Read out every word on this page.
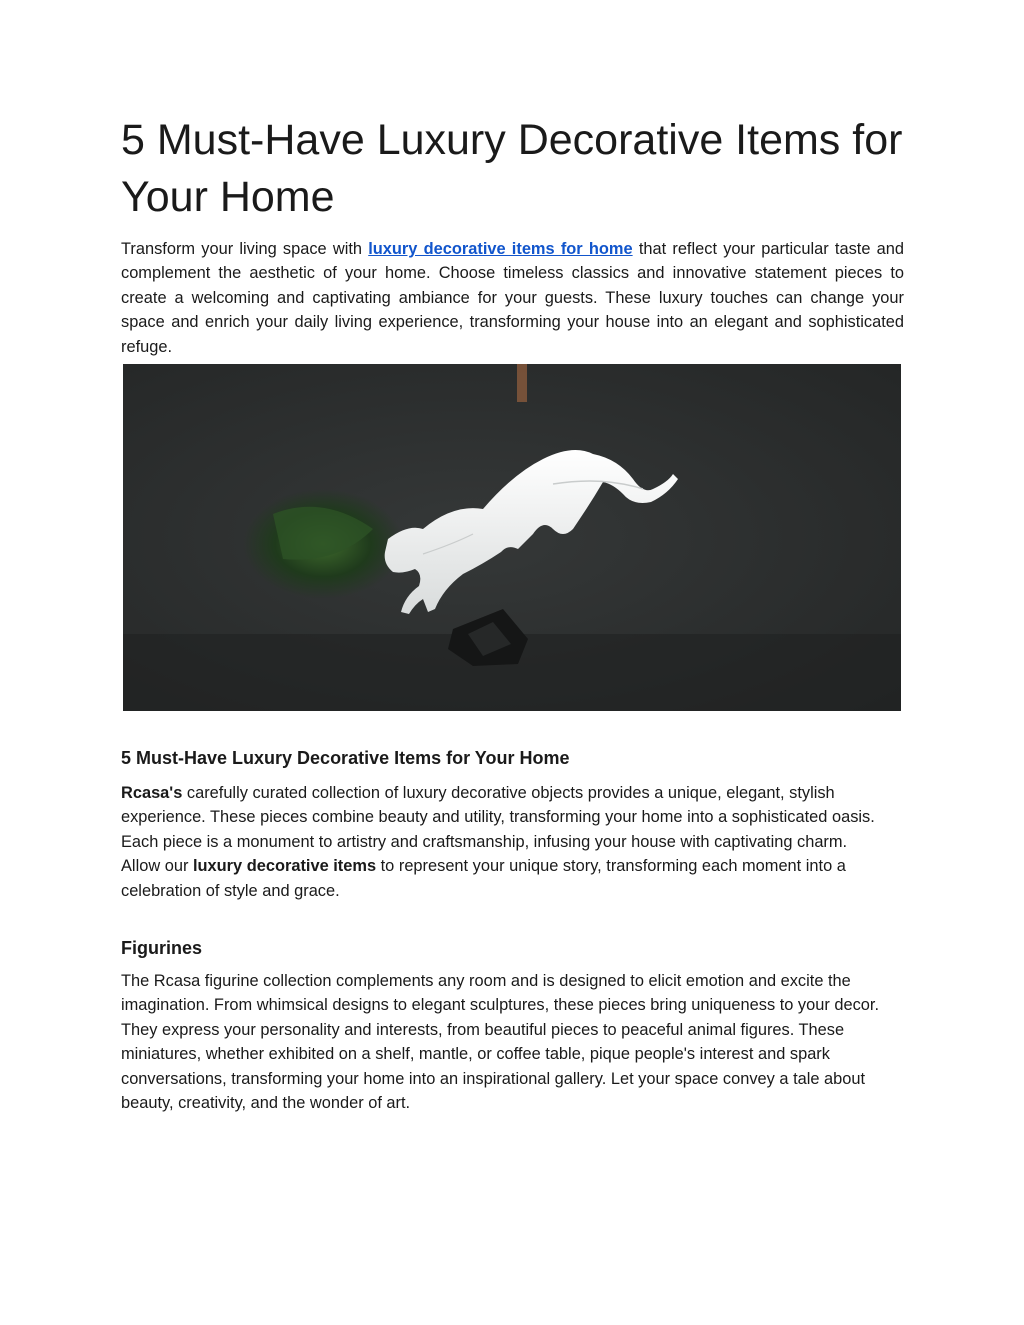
5 Must-Have Luxury Decorative Items for Your Home

Transform your living space with luxury decorative items for home that reflect your particular taste and complement the aesthetic of your home. Choose timeless classics and innovative statement pieces to create a welcoming and captivating ambiance for your guests. These luxury touches can change your space and enrich your daily living experience, transforming your house into an elegant and sophisticated refuge.

5 Must-Have Luxury Decorative Items for Your Home

Rcasa's carefully curated collection of luxury decorative objects provides a unique, elegant, stylish experience. These pieces combine beauty and utility, transforming your home into a sophisticated oasis. Each piece is a monument to artistry and craftsmanship, infusing your house with captivating charm. Allow our luxury decorative items to represent your unique story, transforming each moment into a celebration of style and grace.

Figurines

The Rcasa figurine collection complements any room and is designed to elicit emotion and excite the imagination. From whimsical designs to elegant sculptures, these pieces bring uniqueness to your decor. They express your personality and interests, from beautiful pieces to peaceful animal figures. These miniatures, whether exhibited on a shelf, mantle, or coffee table, pique people's interest and spark conversations, transforming your home into an inspirational gallery. Let your space convey a tale about beauty, creativity, and the wonder of art.
